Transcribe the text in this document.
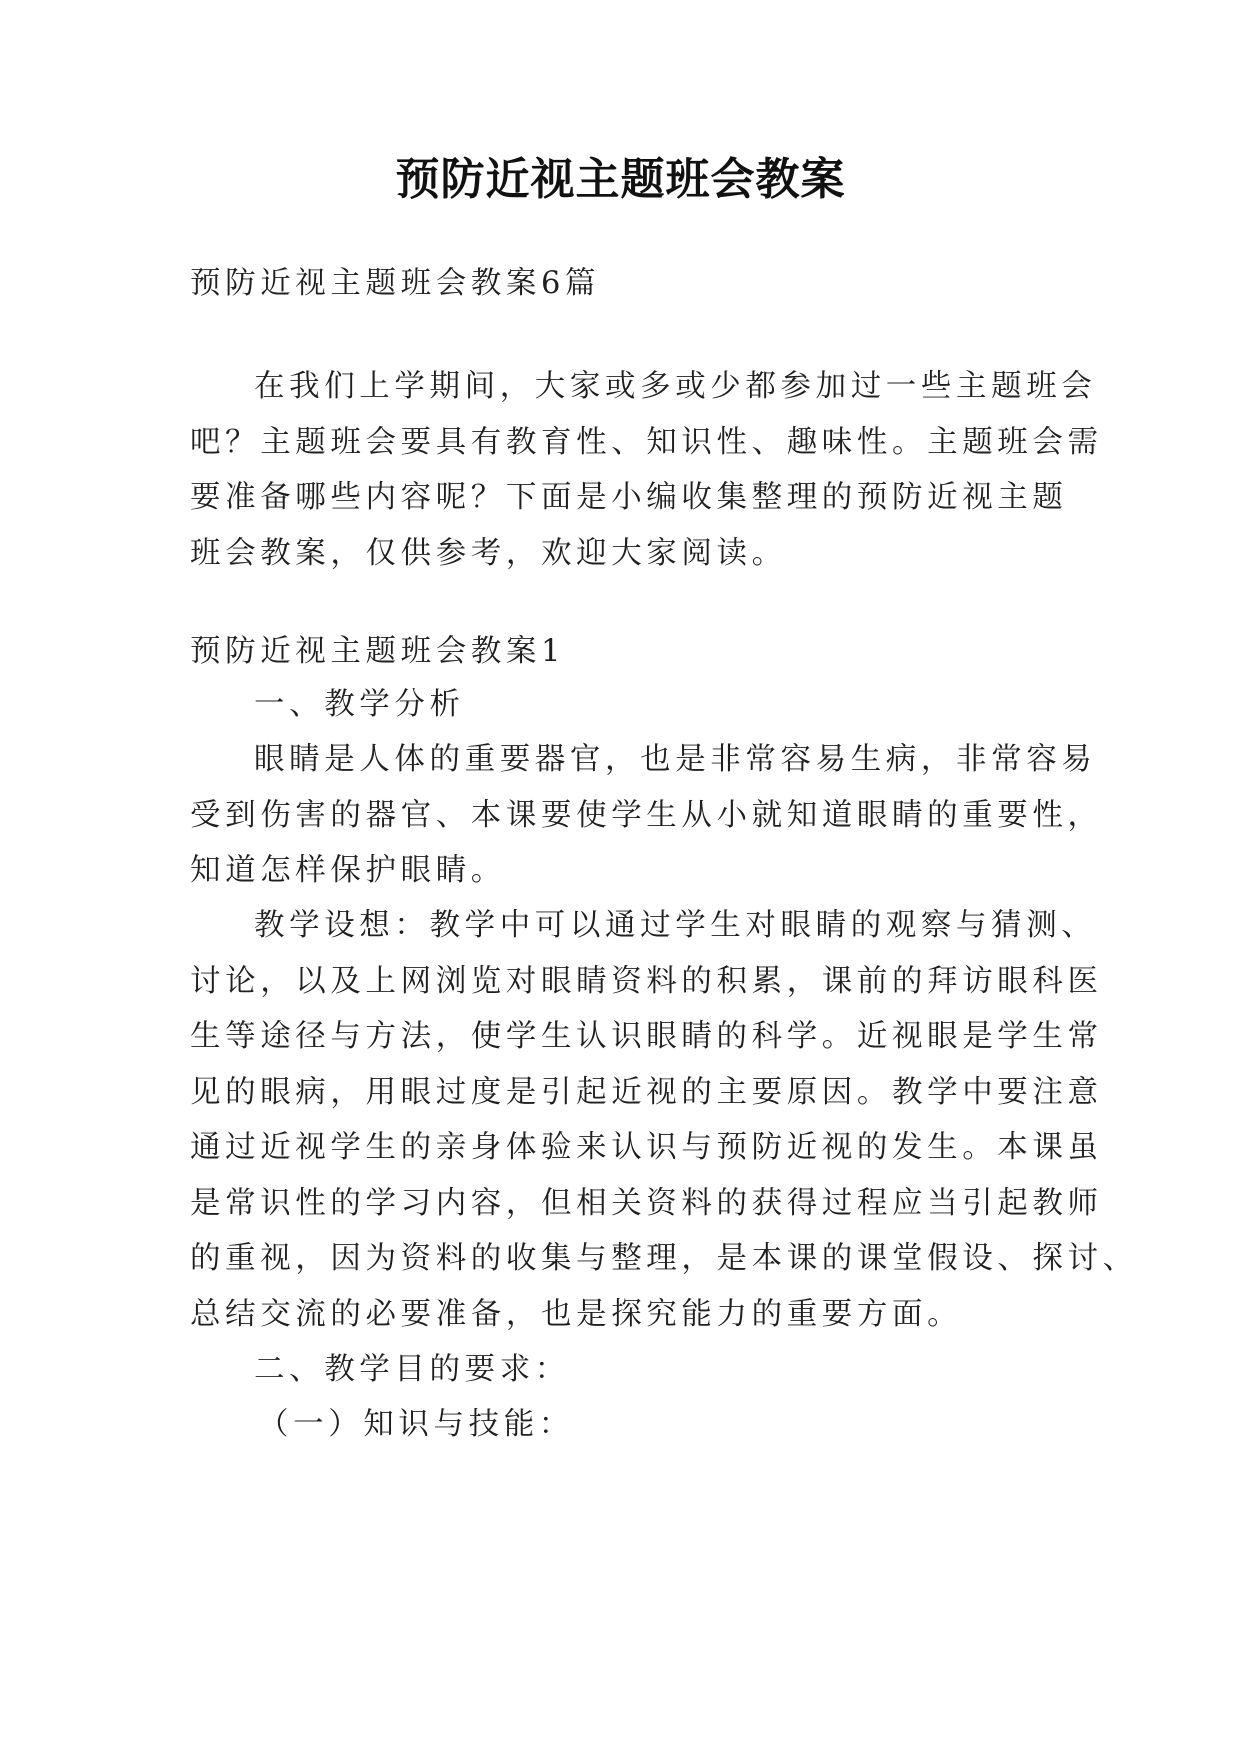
预防近视主题班会教案
预防近视主题班会教案6篇
在我们上学期间，大家或多或少都参加过一些主题班会
吧？主题班会要具有教育性、知识性、趣味性。主题班会需
要准备哪些内容呢？下面是小编收集整理的预防近视主题
班会教案，仅供参考，欢迎大家阅读。
预防近视主题班会教案1
一、教学分析
眼睛是人体的重要器官，也是非常容易生病，非常容易
受到伤害的器官、本课要使学生从小就知道眼睛的重要性，
知道怎样保护眼睛。
教学设想：教学中可以通过学生对眼睛的观察与猜测、
讨论，以及上网浏览对眼睛资料的积累，课前的拜访眼科医
生等途径与方法，使学生认识眼睛的科学。近视眼是学生常
见的眼病，用眼过度是引起近视的主要原因。教学中要注意
通过近视学生的亲身体验来认识与预防近视的发生。本课虽
是常识性的学习内容，但相关资料的获得过程应当引起教师
的重视，因为资料的收集与整理，是本课的课堂假设、探讨、
总结交流的必要准备，也是探究能力的重要方面。
二、教学目的要求：
（一）知识与技能：
